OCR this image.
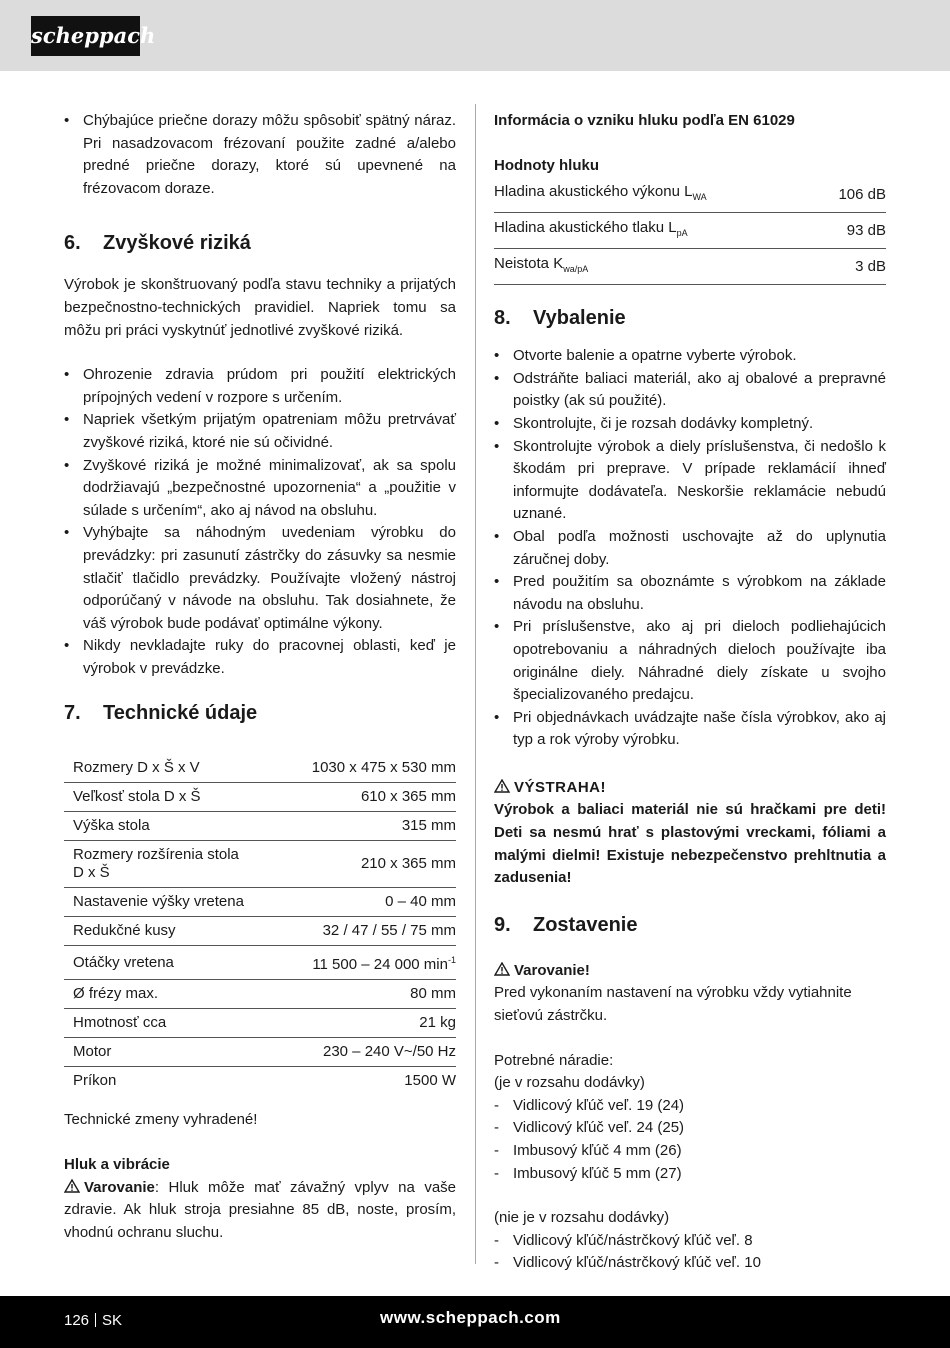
scheppach
• Chýbajúce priečne dorazy môžu spôsobiť spätný náraz. Pri nasadzovacom frézovaní použite zadné a/alebo predné priečne dorazy, ktoré sú upevnené na frézovacom doraze.
6. Zvyškové riziká

Výrobok je skonštruovaný podľa stavu techniky a prijatých bezpečnostno-technických pravidiel. Napriek tomu sa môžu pri práci vyskytnúť jednotlivé zvyškové riziká.

• Ohrozenie zdravia prúdom pri použití elektrických prípojných vedení v rozpore s určením.
• Napriek všetkým prijatým opatreniam môžu pretrvávať zvyškové riziká, ktoré nie sú očividné.
• Zvyškové riziká je možné minimalizovať, ak sa spolu dodržiavajú „bezpečnostné upozornenia“ a „použitie v súlade s určením“, ako aj návod na obsluhu.
• Vyhýbajte sa náhodným uvedeniam výrobku do prevádzky: pri zasunutí zástrčky do zásuvky sa nesmie stlačiť tlačidlo prevádzky. Používajte vložený nástroj odporúčaný v návode na obsluhu. Tak dosiahnete, že váš výrobok bude podávať optimálne výkony.
• Nikdy nevkladajte ruky do pracovnej oblasti, keď je výrobok v prevádzke.
7. Technické údaje
Rozmery D x Š x V	1030 x 475 x 530 mm
Veľkosť stola D x Š	610 x 365 mm
Výška stola	315 mm
Rozmery rozšírenia stola D x Š	210 x 365 mm
Nastavenie výšky vretena	0 – 40 mm
Redukčné kusy	32 / 47 / 55 / 75 mm
Otáčky vretena	11 500 – 24 000 $\min^{-1}$
Ø frézy max.	80 mm
Hmotnosť cca	21 kg
Motor	230 – 240 V~/50 Hz
Príkon	1500 W

Technické zmeny vyhradené!

Hluk a vibrácie

Varovanie: Hluk môže mať závažný vplyv na vaše zdravie. Ak hluk stroja presiahne 85 dB, noste, prosím, vhodnú ochranu sluchu.

Informácia o vzniku hluku podľa EN 61029

Hodnoty hluku

Hladina akustického výkonu $L_{WA}$	106 dB
Hladina akustického tlaku $L_{pA}$	93 dB
Neistota $K_{wa/pA}$	3 dB
8. Vybalenie
• Otvorte balenie a opatrne vyberte výrobok.
• Odstráňte baliaci materiál, ako aj obalové a prepravné poistky (ak sú použité).
• Skontrolujte, či je rozsah dodávky kompletný.
• Skontrolujte výrobok a diely príslušenstva, či nedošlo k škodám pri preprave. V prípade reklamácií ihneď informujte dodávateľa. Neskoršie reklamácie nebudú uznané.
• Obal podľa možnosti uschovajte až do uplynutia záručnej doby.
• Pred použitím sa oboznámte s výrobkom na základe návodu na obsluhu.
• Pri príslušenstve, ako aj pri dieloch podliehajúcich opotrebovaniu a náhradných dieloch používajte iba originálne diely. Náhradné diely získate u svojho špecializovaného predajcu.
• Pri objednávkach uvádzajte naše čísla výrobkov, ako aj typ a rok výroby výrobku.

VÝSTRAHA!

Výrobok a baliaci materiál nie sú hračkami pre deti! Deti sa nesmú hrať s plastovými vreckami, fóliami a malými dielmi! Existuje nebezpečenstvo prehltnutia a zadusenia!

9. Zostavenie

Varovanie!

Pred vykonaním nastavení na výrobku vždy vytiahnite sieťovú zástrčku.

Potrebné náradie:

(je v rozsahu dodávky)

- Vidlicový kľúč veľ. 19 (24)
- Vidlicový kľúč veľ. 24 (25)
- Imbusový kľúč 4 mm (26)
- Imbusový kľúč 5 mm (27)

(nie je v rozsahu dodávky)

- Vidlicový kľúč/nástrčkový kľúč veľ. 8
- Vidlicový kľúč/nástrčkový kľúč veľ. 10
126 SK	www.scheppach.com
